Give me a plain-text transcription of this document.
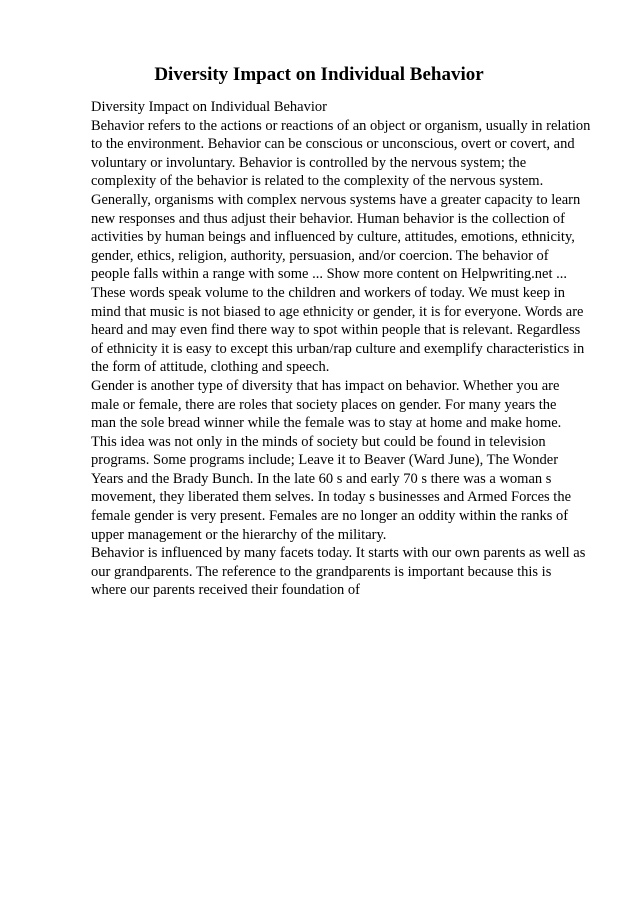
Diversity Impact on Individual Behavior
Diversity Impact on Individual Behavior
Behavior refers to the actions or reactions of an object or organism, usually in relation
to the environment. Behavior can be conscious or unconscious, overt or covert, and
voluntary or involuntary. Behavior is controlled by the nervous system; the
complexity of the behavior is related to the complexity of the nervous system.
Generally, organisms with complex nervous systems have a greater capacity to learn
new responses and thus adjust their behavior. Human behavior is the collection of
activities by human beings and influenced by culture, attitudes, emotions, ethnicity,
gender, ethics, religion, authority, persuasion, and/or coercion. The behavior of
people falls within a range with some ... Show more content on Helpwriting.net ...
These words speak volume to the children and workers of today. We must keep in
mind that music is not biased to age ethnicity or gender, it is for everyone. Words are
heard and may even find there way to spot within people that is relevant. Regardless
of ethnicity it is easy to except this urban/rap culture and exemplify characteristics in
the form of attitude, clothing and speech.
Gender is another type of diversity that has impact on behavior. Whether you are
male or female, there are roles that society places on gender. For many years the
man the sole bread winner while the female was to stay at home and make home.
This idea was not only in the minds of society but could be found in television
programs. Some programs include; Leave it to Beaver (Ward June), The Wonder
Years and the Brady Bunch. In the late 60 s and early 70 s there was a woman s
movement, they liberated them selves. In today s businesses and Armed Forces the
female gender is very present. Females are no longer an oddity within the ranks of
upper management or the hierarchy of the military.
Behavior is influenced by many facets today. It starts with our own parents as well as
our grandparents. The reference to the grandparents is important because this is
where our parents received their foundation of
